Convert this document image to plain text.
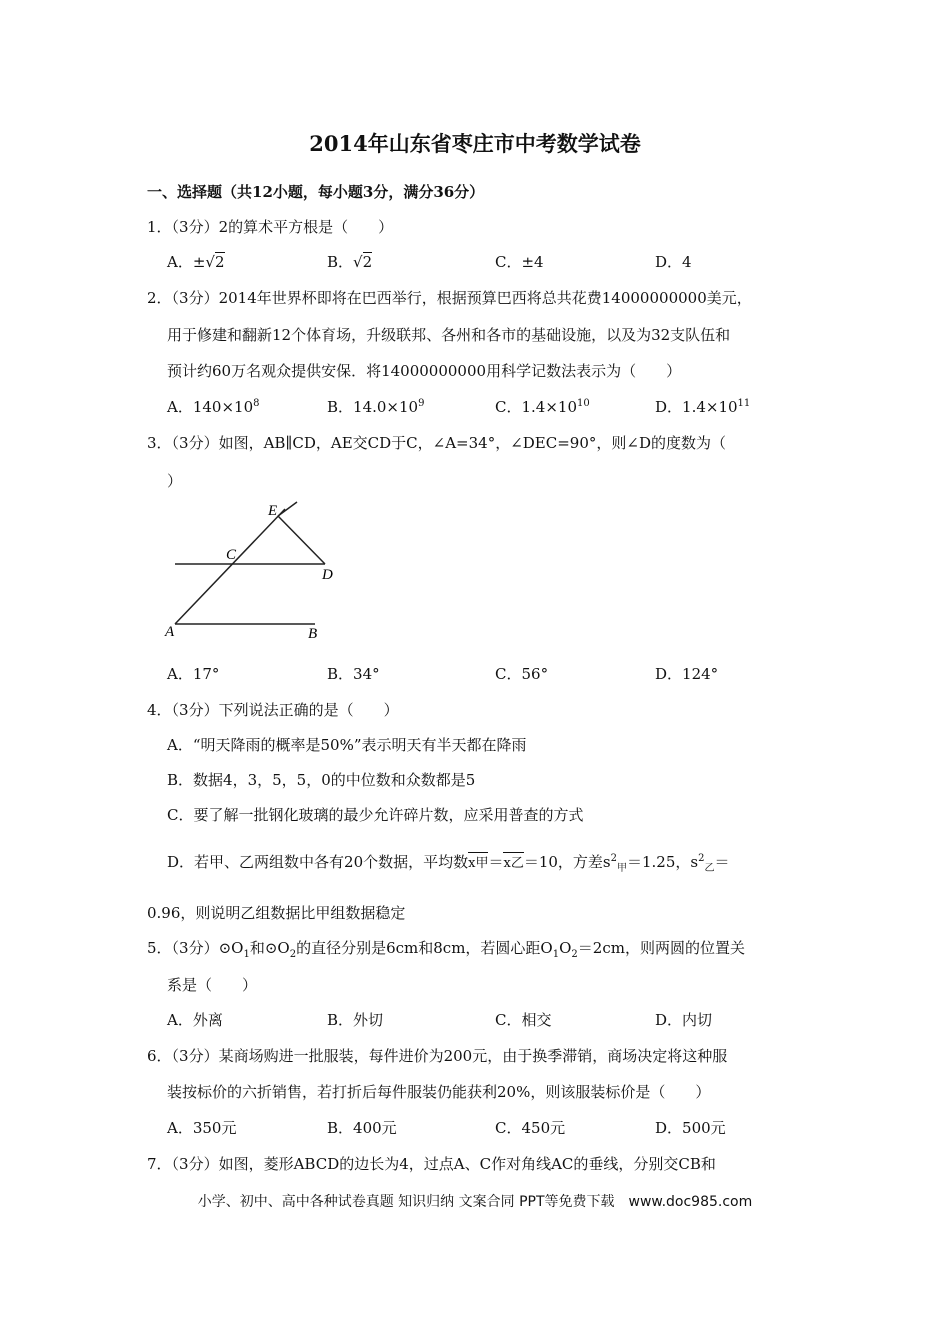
2014年山东省枣庄市中考数学试卷
一、选择题（共12小题，每小题3分，满分36分）
1．（3分）2的算术平方根是（　　）
A．±√2	B．√2	C．±4	D．4
2．（3分）2014年世界杯即将在巴西举行，根据预算巴西将总共花费14000000000美元，
用于修建和翻新12个体育场，升级联邦、各州和各市的基础设施，以及为32支队伍和
预计约60万名观众提供安保．将14000000000用科学记数法表示为（　　）
A．$140\times 10^8$	B．$14.0\times 10^9$	C．$1.4\times 10^{10}$	D．$1.4\times 10^{11}$
3．（3分）如图，AB∥CD，AE交CD于C，∠A=34°，∠DEC=90°，则∠D的度数为（
）
E
C
D
A	B
A．17°	B．34°	C．56°	D．124°
4．（3分）下列说法正确的是（　　）
A．“明天降雨的概率是50%”表示明天有半天都在降雨
B．数据4，3，5，5，0的中位数和众数都是5
C．要了解一批钢化玻璃的最少允许碎片数，应采用普查的方式
D．若甲、乙两组数中各有20个数据，平均数x甲＝x乙＝10，方差$s^2_甲=1.25$，$s^2_乙=$
0.96，则说明乙组数据比甲组数据稳定
5．（3分）$⊙O_1$和$⊙O_2$的直径分别是6cm和8cm，若圆心距$O_1O_2=2cm$，则两圆的位置关
系是（　　）
A．外离	B．外切	C．相交	D．内切
6．（3分）某商场购进一批服装，每件进价为200元，由于换季滞销，商场决定将这种服
装按标价的六折销售，若打折后每件服装仍能获利20%，则该服装标价是（　　）
A．350元	B．400元	C．450元	D．500元
7．（3分）如图，菱形ABCD的边长为4，过点A、C作对角线AC的垂线，分别交CB和
小学、初中、高中各种试卷真题 知识归纳 文案合同 PPT等免费下载　www.doc985.com
